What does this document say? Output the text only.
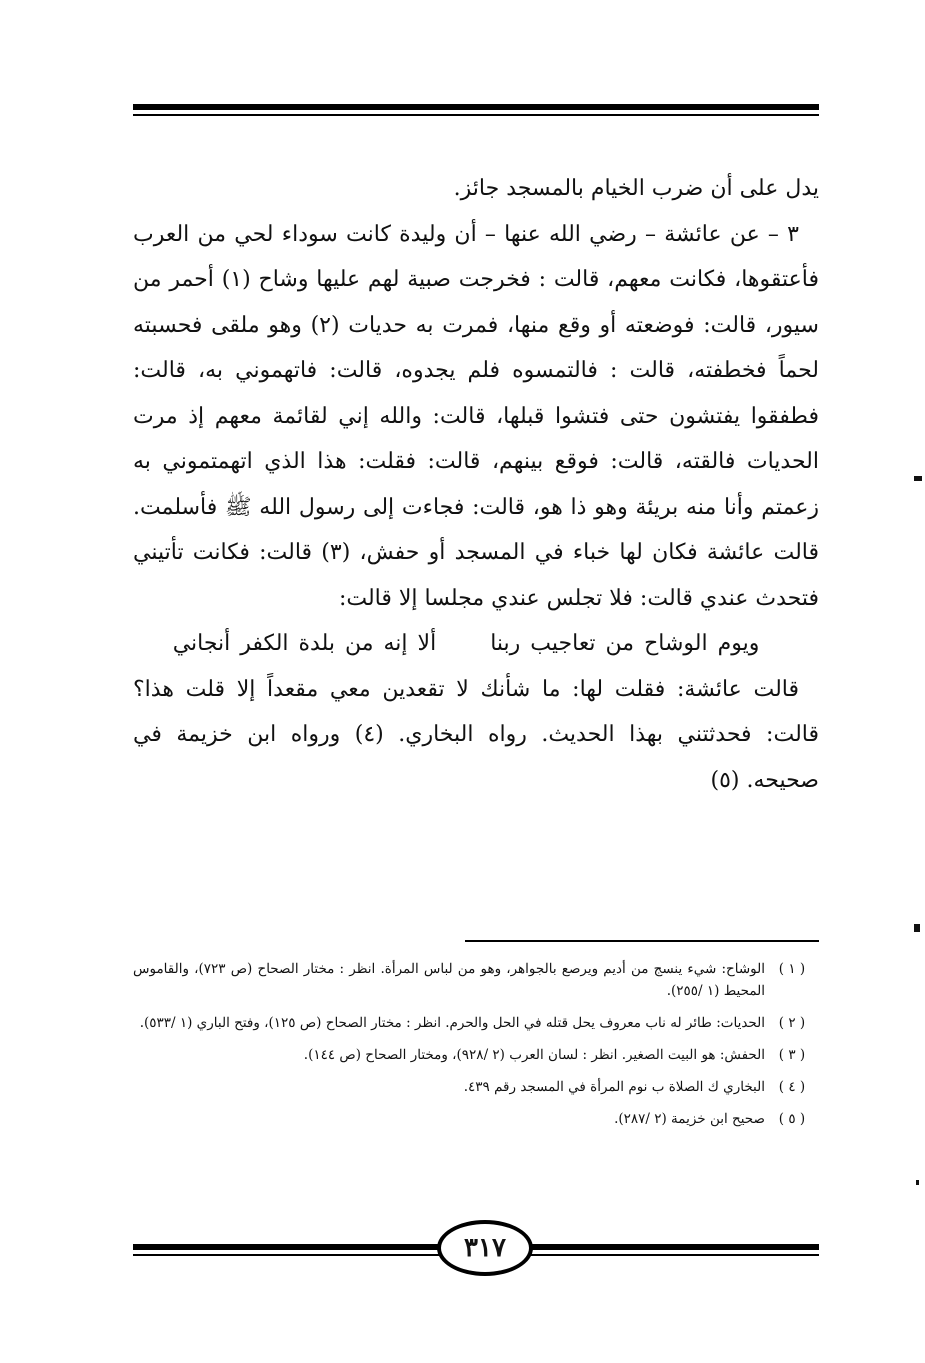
يدل على أن ضرب الخيام بالمسجد جائز.

٣ – عن عائشة – رضي الله عنها – أن وليدة كانت سوداء لحي من العرب فأعتقوها، فكانت معهم، قالت : فخرجت صبية لهم عليها وشاح (١) أحمر من سيور، قالت: فوضعته أو وقع منها، فمرت به حديات (٢) وهو ملقى فحسبته لحماً فخطفته، قالت : فالتمسوه فلم يجدوه، قالت: فاتهموني به، قالت: فطفقوا يفتشون حتى فتشوا قبلها، قالت: والله إني لقائمة معهم إذ مرت الحديات فالقته، قالت: فوقع بينهم، قالت: فقلت: هذا الذي اتهمتموني به زعمتم وأنا منه بريئة وهو ذا هو، قالت: فجاءت إلى رسول الله ﷺ فأسلمت. قالت عائشة فكان لها خباء في المسجد أو حفش، (٣) قالت: فكانت تأتيني فتحدث عندي قالت: فلا تجلس عندي مجلسا إلا قالت:

ويوم الوشاح من تعاجيب ربنا ألا إنه من بلدة الكفر أنجاني

قالت عائشة: فقلت لها: ما شأنك لا تقعدين معي مقعداً إلا قلت هذا؟ قالت: فحدثتني بهذا الحديث. رواه البخاري. (٤) ورواه ابن خزيمة في صحيحه. (٥)

( ١ )
الوشاح: شيء ينسج من أديم ويرصع بالجواهر، وهو من لباس المرأة. انظر : مختار الصحاح (ص ٧٢٣)، والقاموس المحيط (١ /٢٥٥).
( ٢ )
الحديات: طائر له ناب معروف يحل قتله في الحل والحرم. انظر : مختار الصحاح (ص ١٢٥)، وفتح الباري (١ /٥٣٣).
( ٣ )
الحفش: هو البيت الصغير. انظر : لسان العرب (٢ /٩٢٨)، ومختار الصحاح (ص ١٤٤).
( ٤ )
البخاري ك الصلاة ب نوم المرأة في المسجد رقم ٤٣٩.
( ٥ )
صحيح ابن خزيمة (٢ /٢٨٧).
٣١٧
